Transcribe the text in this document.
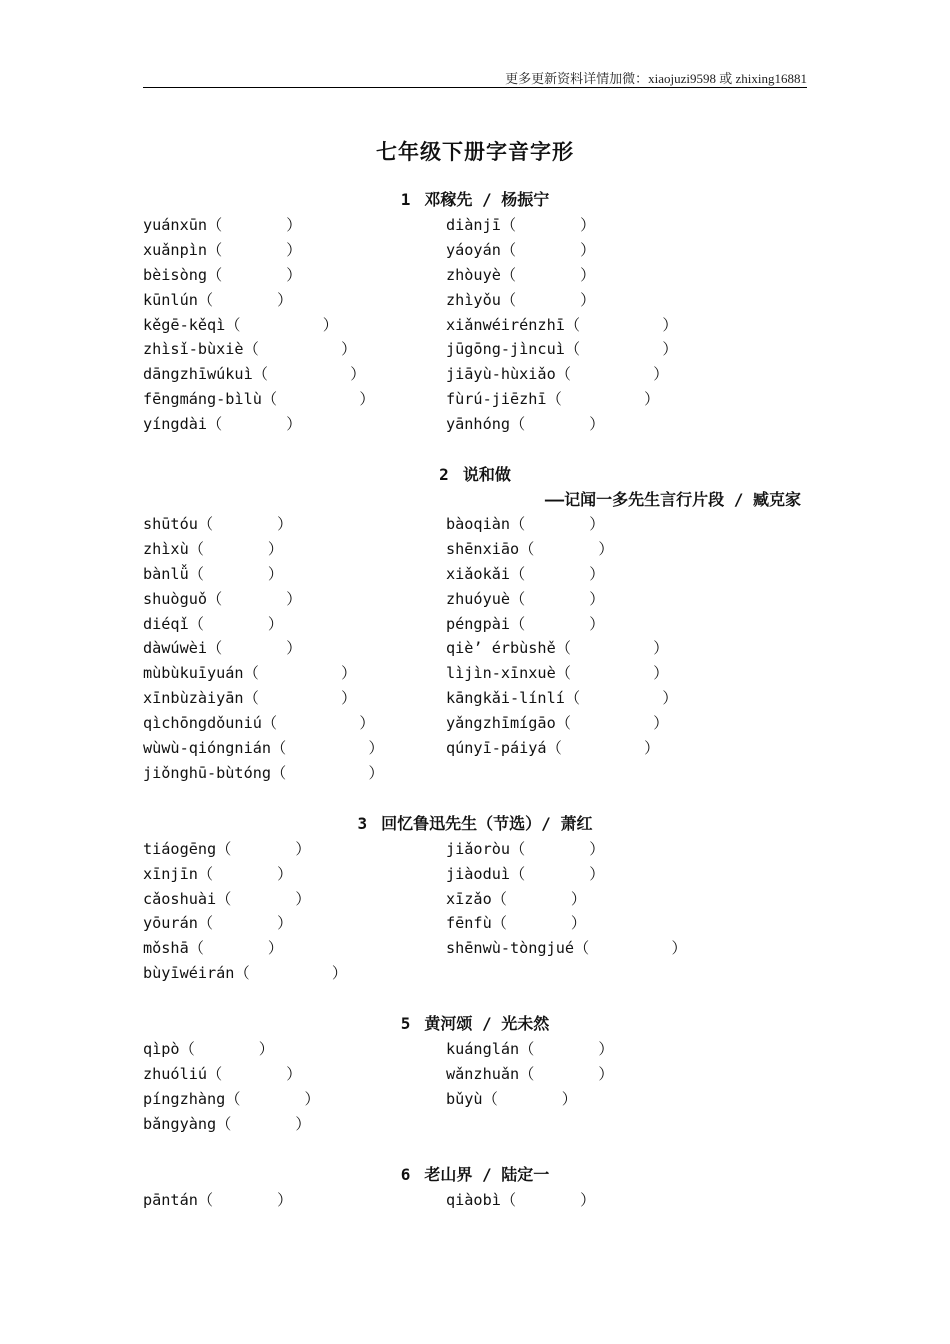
更多更新资料详情加微：xiaojuzi9598 或 zhixing16881
七年级下册字音字形
1 邓稼先 / 杨振宁
yuánxūn（       ）	diànjī（       ）
xuǎnpìn（       ）	yáoyán（       ）
bèisòng（       ）	zhòuyè（       ）
kūnlún（       ）	zhìyǒu（       ）
kěgē-kěqì（         ）	xiǎnwéirénzhī（         ）
zhìsǐ-bùxiè（         ）	jūgōng-jìncuì（         ）
dāngzhīwúkuì（         ）	jiāyù-hùxiǎo（         ）
fēngmáng-bìlù（         ）	fùrú-jiēzhī（         ）
yíngdài（       ）	yānhóng（       ）
2 说和做
——记闻一多先生言行片段 / 臧克家
shūtóu（       ）	bàoqiàn（       ）
zhìxù（       ）	shēnxiāo（       ）
bànlǚ（       ）	xiǎokǎi（       ）
shuòguǒ（       ）	zhuóyuè（       ）
diéqǐ（       ）	péngpài（       ）
dàwúwèi（       ）	qiè’ érbùshě（         ）
mùbùkuīyuán（         ）	lìjìn-xīnxuè（         ）
xīnbùzàiyān（         ）	kāngkǎi-línlí（         ）
qìchōngdǒuniú（         ）	yǎngzhīmígāo（         ）
wùwù-qióngnián（         ）	qúnyī-páiyá（         ）
jiǒnghū-bùtóng（         ）
3 回忆鲁迅先生（节选）/ 萧红
tiáogēng（       ）	jiǎoròu（       ）
xīnjīn（       ）	jiàoduì（       ）
cǎoshuài（       ）	xīzǎo（       ）
yōurán（       ）	fēnfù（       ）
mǒshā（       ）	shēnwù-tòngjué（         ）
bùyīwéirán（         ）
5 黄河颂 / 光未然
qìpò（       ）	kuánglán（       ）
zhuóliú（       ）	wǎnzhuǎn（       ）
píngzhàng（       ）	bǔyù（       ）
bǎngyàng（       ）
6 老山界 / 陆定一
pāntán（       ）	qiàobì（       ）
